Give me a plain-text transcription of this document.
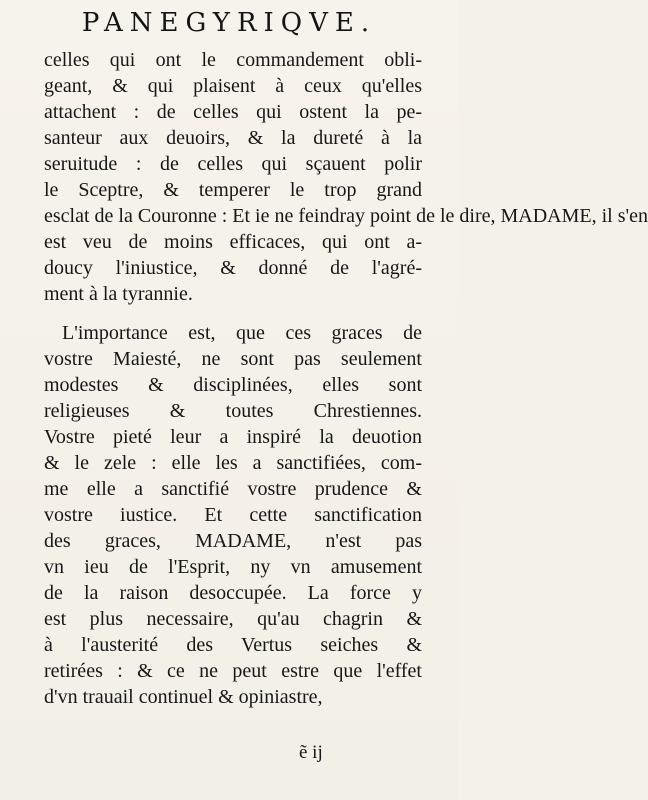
PANEGYRIQVE.
celles qui ont le commandement obli-
geant, & qui plaisent à ceux qu'elles
attachent : de celles qui ostent la pe-
santeur aux deuoirs, & la dureté à la
seruitude : de celles qui sçauent polir
le Sceptre, & temperer le trop grand
esclat de la Couronne : Et ie ne feindray point de le dire, MADAME, il s'en
est veu de moins efficaces, qui ont a-
doucy l'iniustice, & donné de l'agré-
ment à la tyrannie.
L'importance est, que ces graces de
vostre Maiesté, ne sont pas seulement
modestes & disciplinées, elles sont
religieuses & toutes Chrestiennes.
Vostre pieté leur a inspiré la deuotion
& le zele : elle les a sanctifiées, com-
me elle a sanctifié vostre prudence &
vostre iustice. Et cette sanctification
des graces, MADAME, n'est pas
vn ieu de l'Esprit, ny vn amusement
de la raison desoccupée. La force y
est plus necessaire, qu'au chagrin &
à l'austerité des Vertus seiches &
retirées : & ce ne peut estre que l'effet
d'vn trauail continuel & opiniastre,
ẽ ij
